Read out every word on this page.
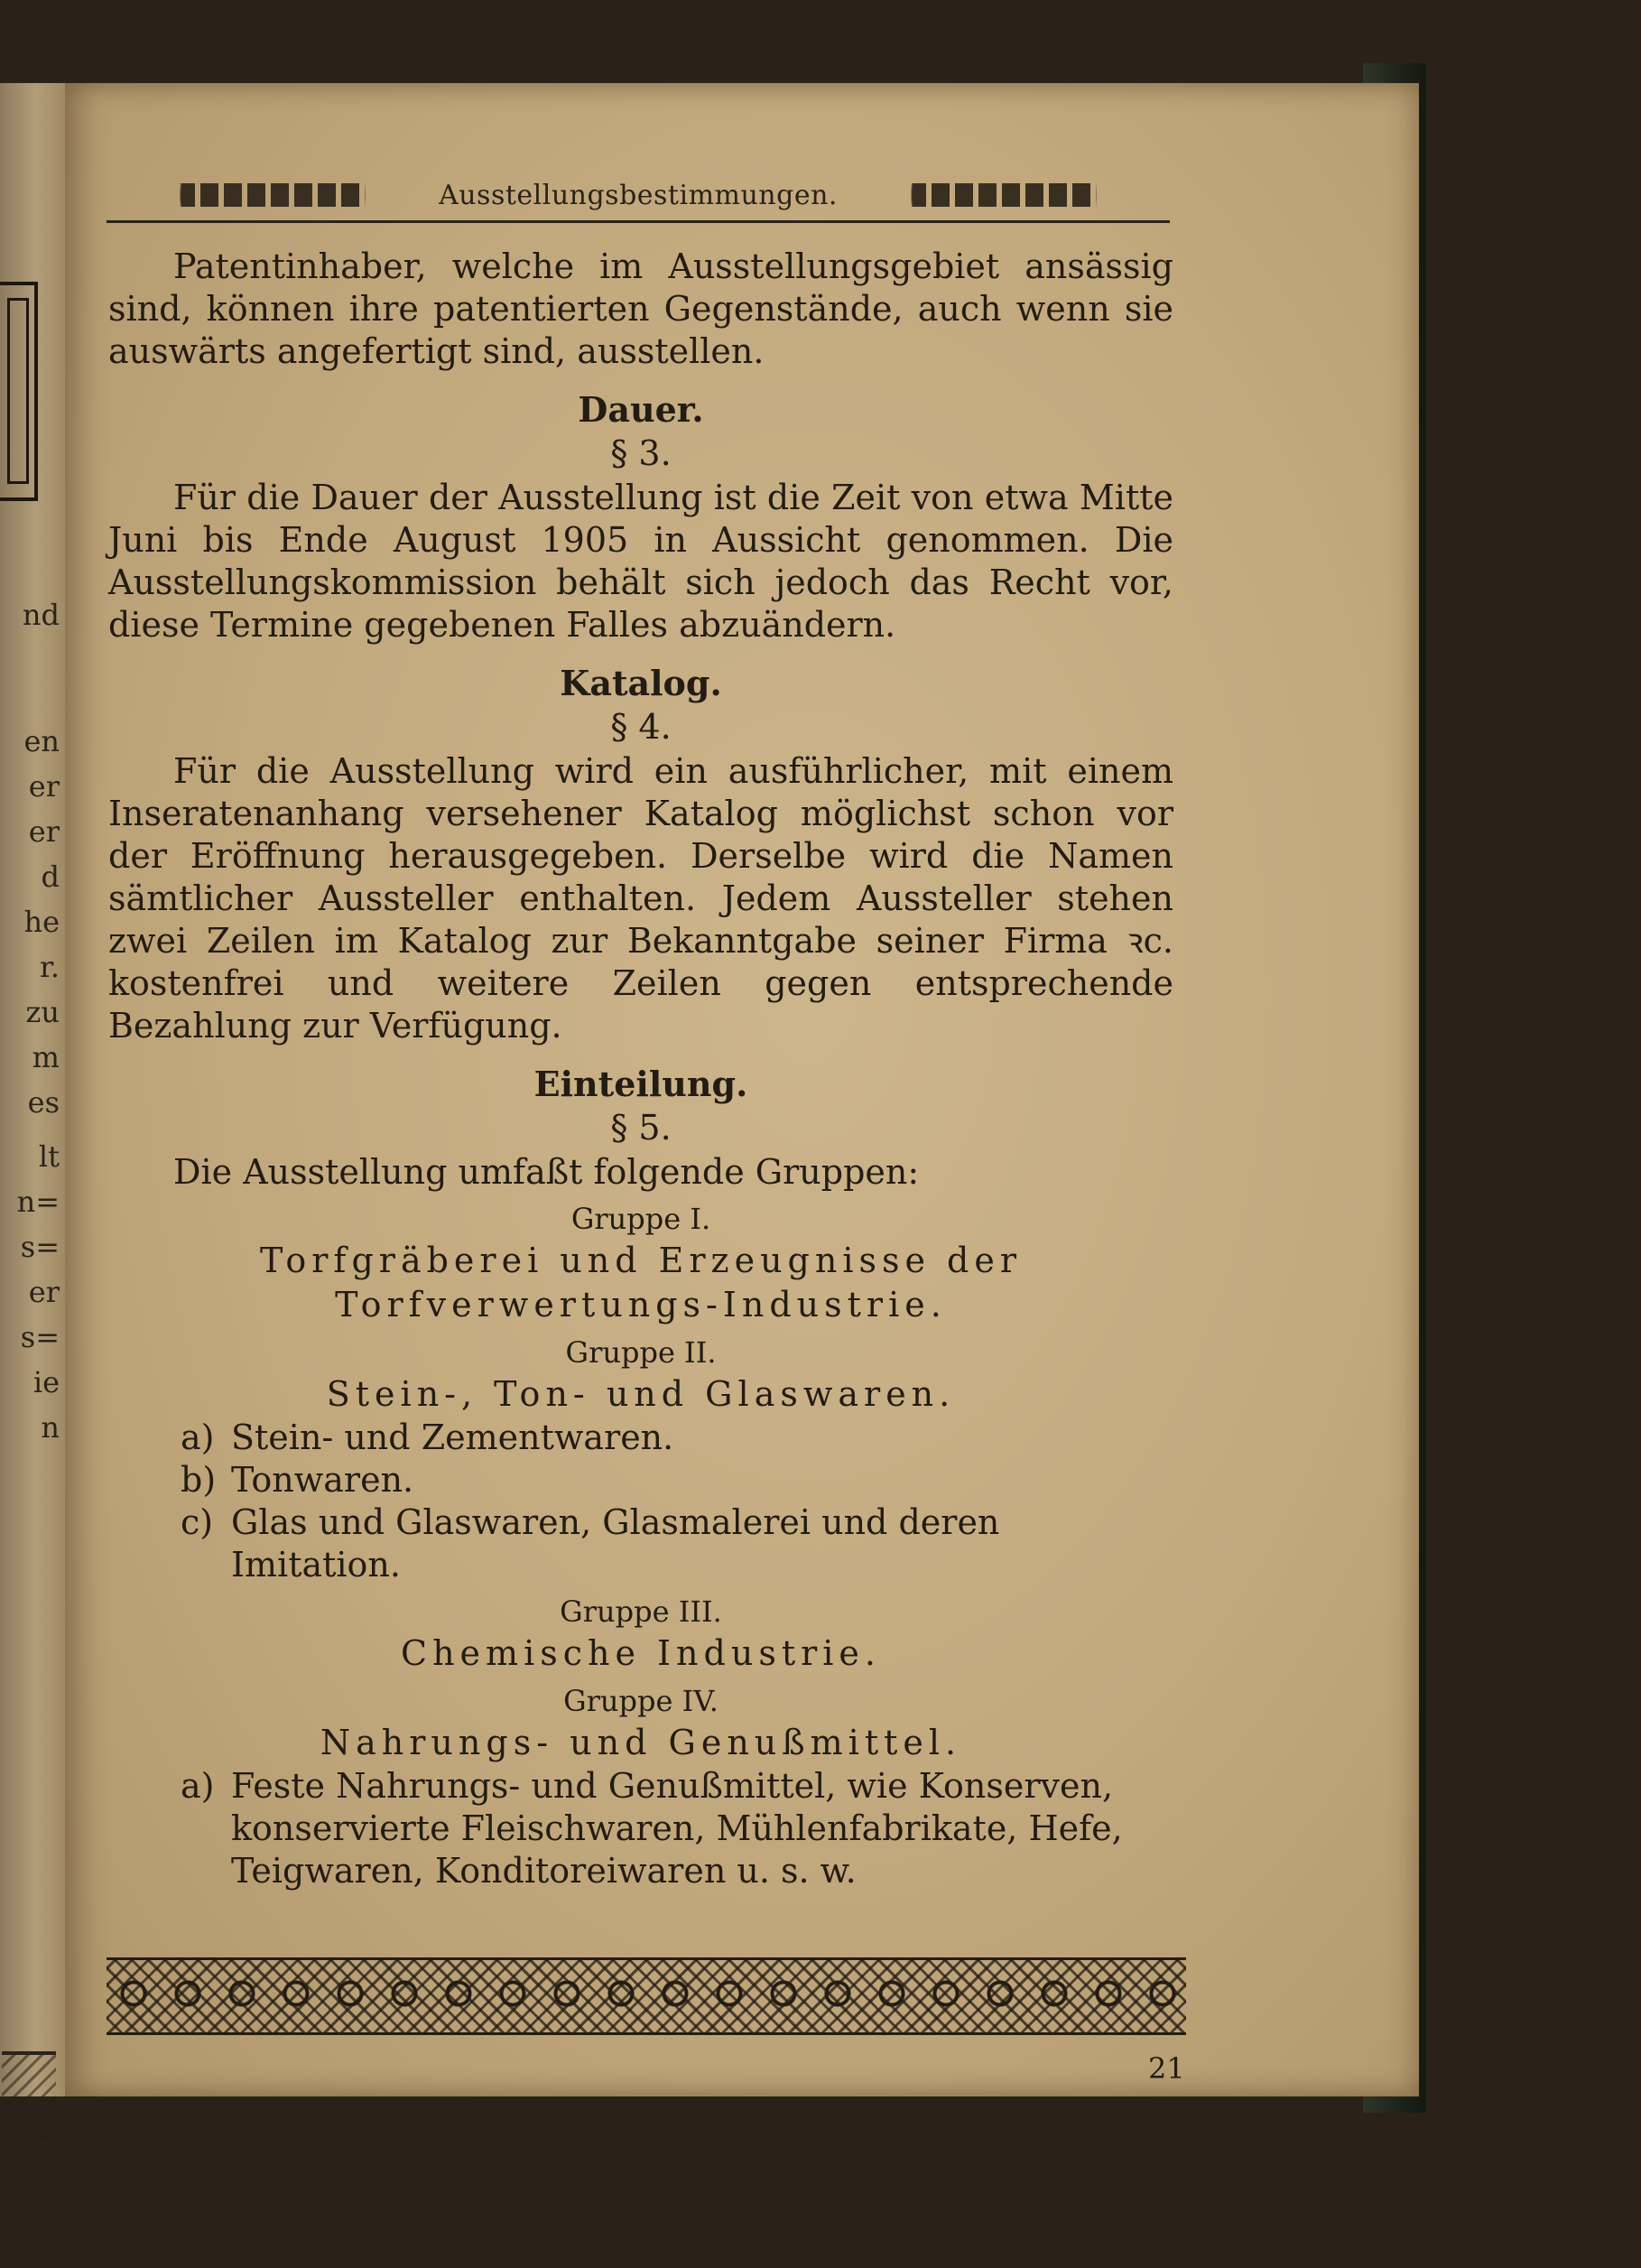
nd
en
er
er
d
he
r.
zu
m
es
lt
n=
s=
er
s=
ie
n
Ausstellungsbestimmungen.

Patentinhaber, welche im Ausstellungsgebiet ansässig sind, können ihre patentierten Gegenstände, auch wenn sie auswärts angefertigt sind, ausstellen.

Dauer.
§ 3.

Für die Dauer der Ausstellung ist die Zeit von etwa Mitte Juni bis Ende August 1905 in Aussicht genommen. Die Ausstellungskommission behält sich jedoch das Recht vor, diese Termine gegebenen Falles abzuändern.

Katalog.
§ 4.

Für die Ausstellung wird ein ausführlicher, mit einem Inseratenanhang versehener Katalog möglichst schon vor der Eröffnung herausgegeben. Derselbe wird die Namen sämtlicher Aussteller enthalten. Jedem Aussteller stehen zwei Zeilen im Katalog zur Bekanntgabe seiner Firma ꝛc. kostenfrei und weitere Zeilen gegen entsprechende Bezahlung zur Verfügung.

Einteilung.
§ 5.

Die Ausstellung umfaßt folgende Gruppen:

Gruppe I.
Torfgräberei und Erzeugnisse der Torfverwertungs-Industrie.
Gruppe II.
Stein-, Ton- und Glaswaren.
a) Stein- und Zementwaren.
b) Tonwaren.
c) Glas und Glaswaren, Glasmalerei und deren Imitation.
Gruppe III.
Chemische Industrie.
Gruppe IV.
Nahrungs- und Genußmittel.
a) Feste Nahrungs- und Genußmittel, wie Konserven, konservierte Fleischwaren, Mühlenfabrikate, Hefe, Teigwaren, Konditoreiwaren u. s. w.
21
